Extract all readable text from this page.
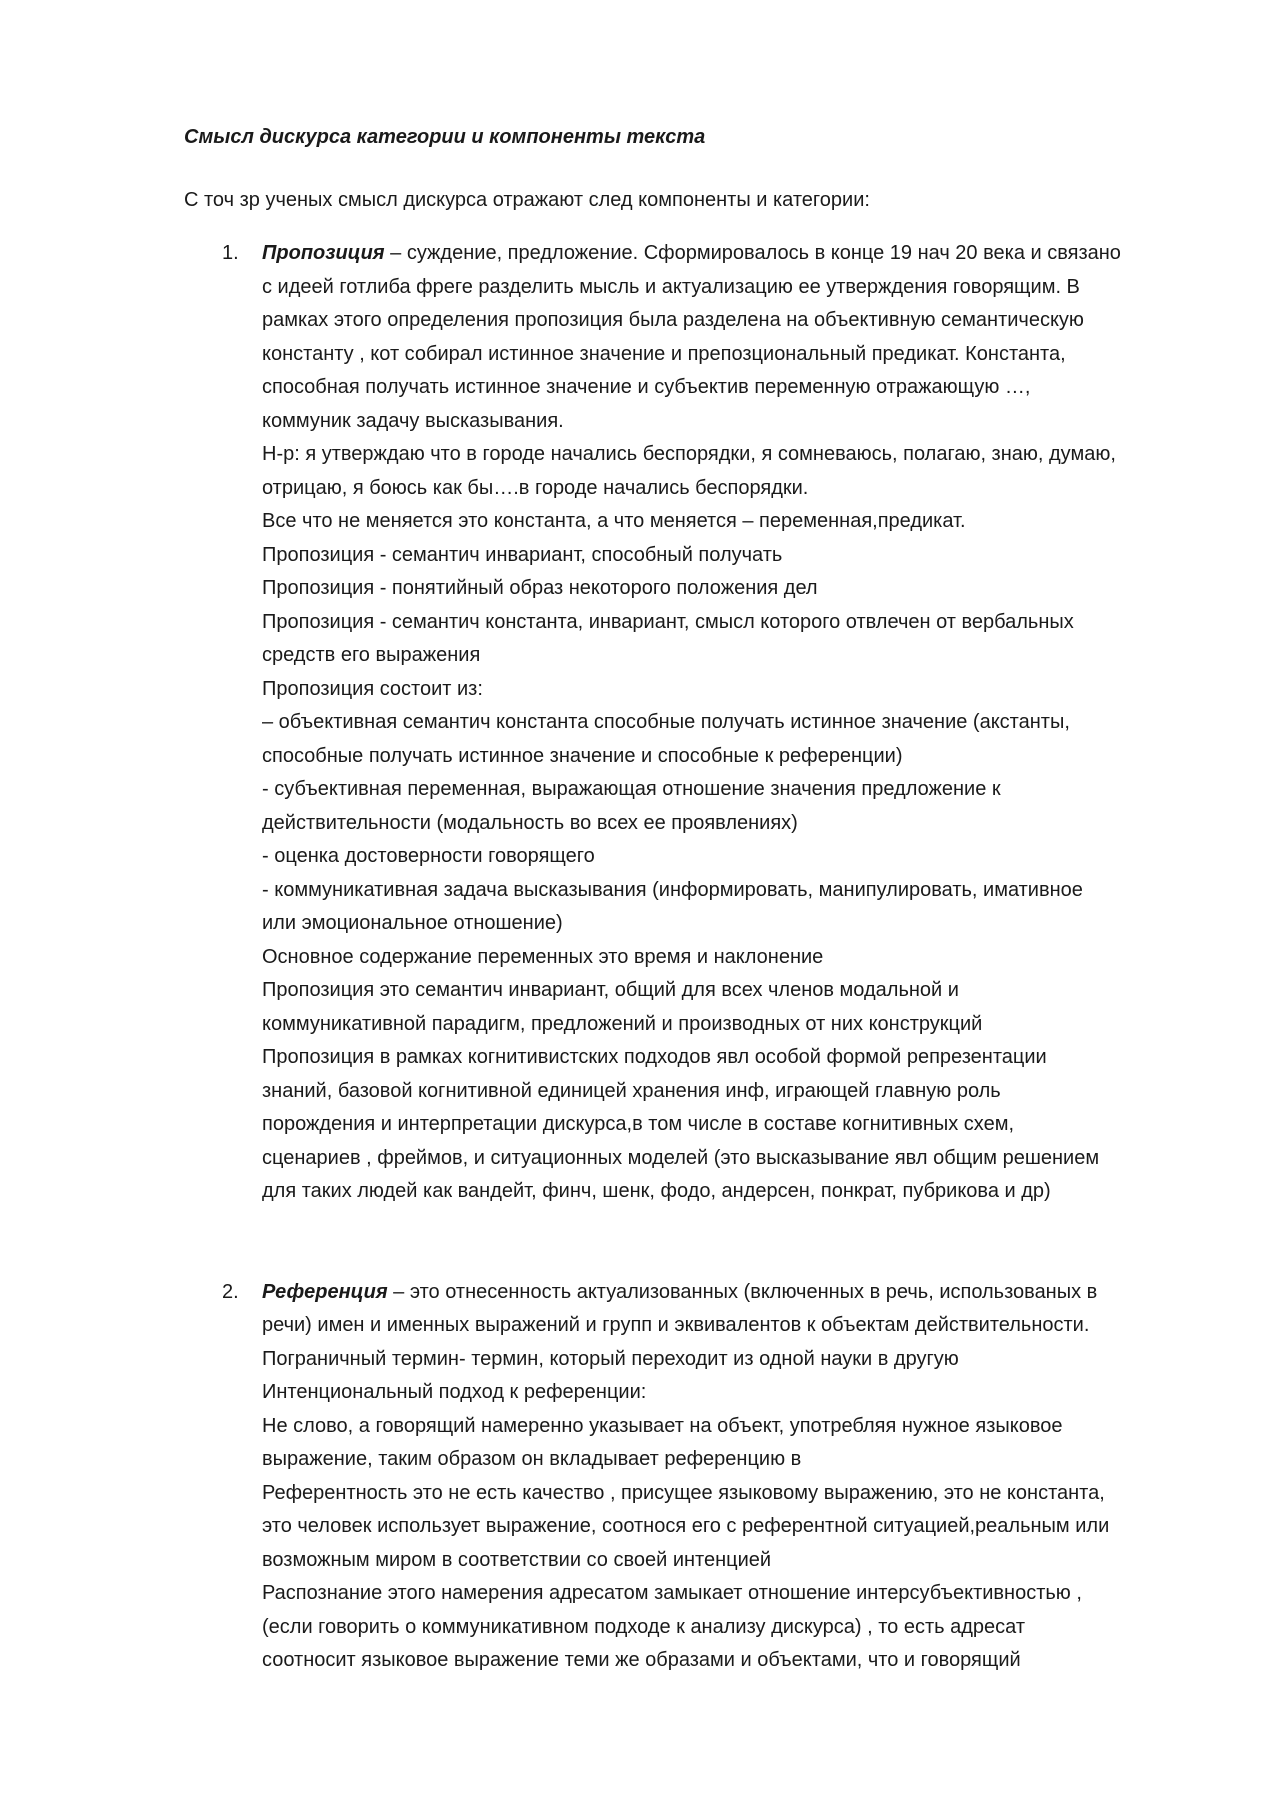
Смысл дискурса категории и компоненты текста
С точ зр ученых смысл дискурса отражают след компоненты и категории:
1. Пропозиция – суждение, предложение. Сформировалось в конце 19 нач 20 века и связано
с идеей готлиба фреге разделить мысль и актуализацию ее утверждения говорящим. В
рамках этого определения пропозиция была разделена на объективную семантическую
константу , кот собирал истинное значение и препозциональный предикат. Константа,
способная получать истинное значение и субъектив переменную отражающую …,
коммуник задачу высказывания.
Н-р: я утверждаю что в городе начались беспорядки, я сомневаюсь, полагаю, знаю, думаю,
отрицаю, я боюсь как бы….в городе начались беспорядки.
Все что не меняется это константа, а что меняется – переменная,предикат.
Пропозиция - семантич инвариант, способный получать
Пропозиция - понятийный образ некоторого положения дел
Пропозиция - семантич константа, инвариант, смысл которого отвлечен от вербальных
средств его выражения
Пропозиция состоит из:
– объективная семантич константа способные получать истинное значение (акстанты,
способные получать истинное значение и способные к референции)
- субъективная переменная, выражающая отношение значения предложение к
действительности (модальность во всех ее проявлениях)
- оценка достоверности говорящего
- коммуникативная задача высказывания (информировать, манипулировать, имативное
или эмоциональное отношение)
Основное содержание переменных это время и наклонение
Пропозиция это семантич инвариант, общий для всех членов модальной и
коммуникативной парадигм, предложений и производных от них конструкций
Пропозиция в рамках когнитивистских подходов явл особой формой репрезентации
знаний, базовой когнитивной единицей хранения инф, играющей главную роль
порождения и интерпретации дискурса,в том числе в составе когнитивных схем,
сценариев , фреймов, и ситуационных моделей (это высказывание явл общим решением
для таких людей как вандейт, финч, шенк, фодо, андерсен, понкрат, пубрикова и др)
2. Референция – это отнесенность актуализованных (включенных в речь, использованых в
речи) имен и именных выражений и групп и эквивалентов к объектам действительности.
Пограничный термин- термин, который переходит из одной науки в другую
Интенциональный подход к референции:
Не слово, а говорящий намеренно указывает на объект, употребляя нужное языковое
выражение, таким образом он вкладывает референцию в
Референтность это не есть качество , присущее языковому выражению, это не константа,
это человек использует выражение, соотнося его с референтной ситуацией,реальным или
возможным миром в соответствии со своей интенцией
Распознание этого намерения адресатом замыкает отношение интерсубъективностью ,
(если говорить о коммуникативном подходе к анализу дискурса) , то есть адресат
соотносит языковое выражение теми же образами и объектами, что и говорящий
